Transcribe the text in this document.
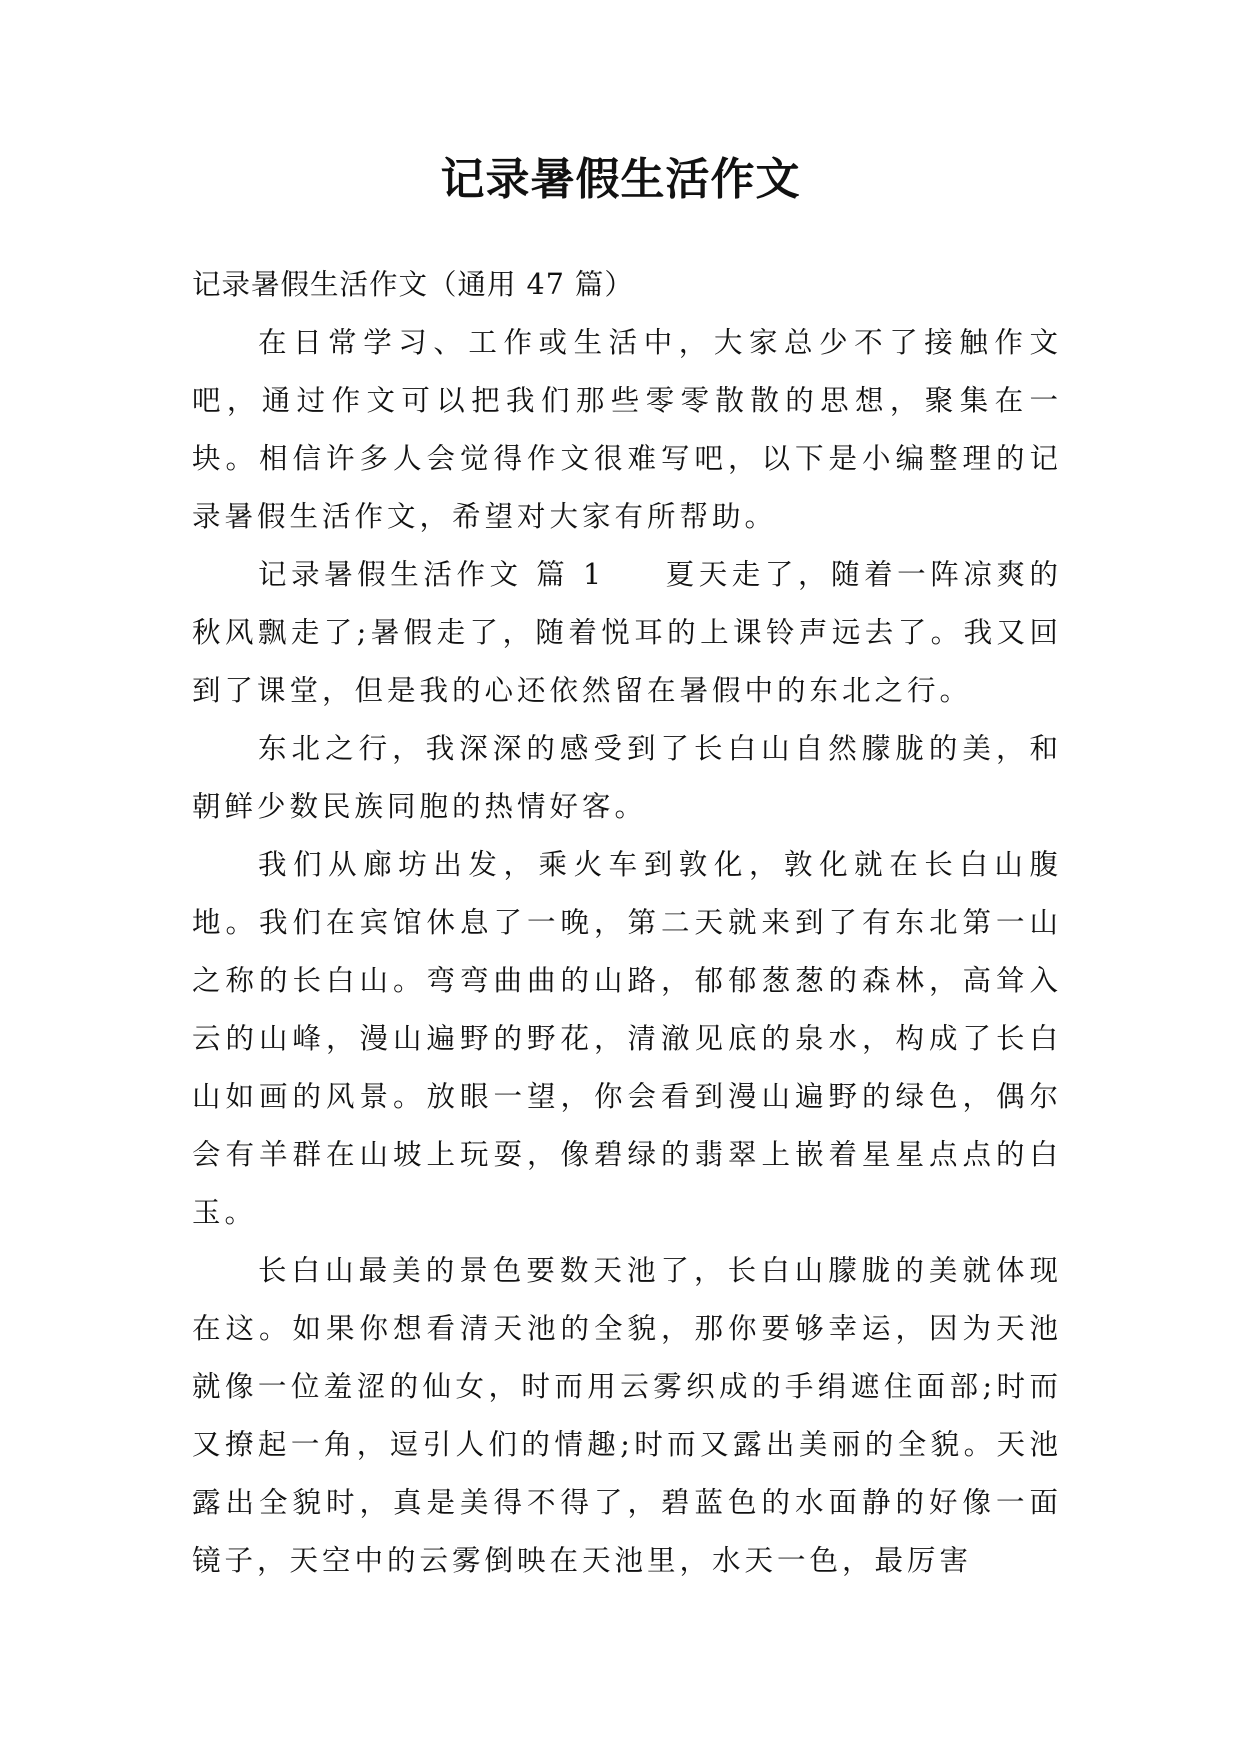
记录暑假生活作文

记录暑假生活作文（通用 47 篇）

在日常学习、工作或生活中，大家总少不了接触作文吧，通过作文可以把我们那些零零散散的思想，聚集在一块。相信许多人会觉得作文很难写吧，以下是小编整理的记录暑假生活作文，希望对大家有所帮助。

记录暑假生活作文 篇 1 夏天走了，随着一阵凉爽的秋风飘走了;暑假走了，随着悦耳的上课铃声远去了。我又回到了课堂，但是我的心还依然留在暑假中的东北之行。

东北之行，我深深的感受到了长白山自然朦胧的美，和朝鲜少数民族同胞的热情好客。

我们从廊坊出发，乘火车到敦化，敦化就在长白山腹地。我们在宾馆休息了一晚，第二天就来到了有东北第一山之称的长白山。弯弯曲曲的山路，郁郁葱葱的森林，高耸入云的山峰，漫山遍野的野花，清澈见底的泉水，构成了长白山如画的风景。放眼一望，你会看到漫山遍野的绿色，偶尔会有羊群在山坡上玩耍，像碧绿的翡翠上嵌着星星点点的白玉。

长白山最美的景色要数天池了，长白山朦胧的美就体现在这。如果你想看清天池的全貌，那你要够幸运，因为天池就像一位羞涩的仙女，时而用云雾织成的手绢遮住面部;时而又撩起一角，逗引人们的情趣;时而又露出美丽的全貌。天池露出全貌时，真是美得不得了，碧蓝色的水面静的好像一面镜子，天空中的云雾倒映在天池里，水天一色，最厉害
